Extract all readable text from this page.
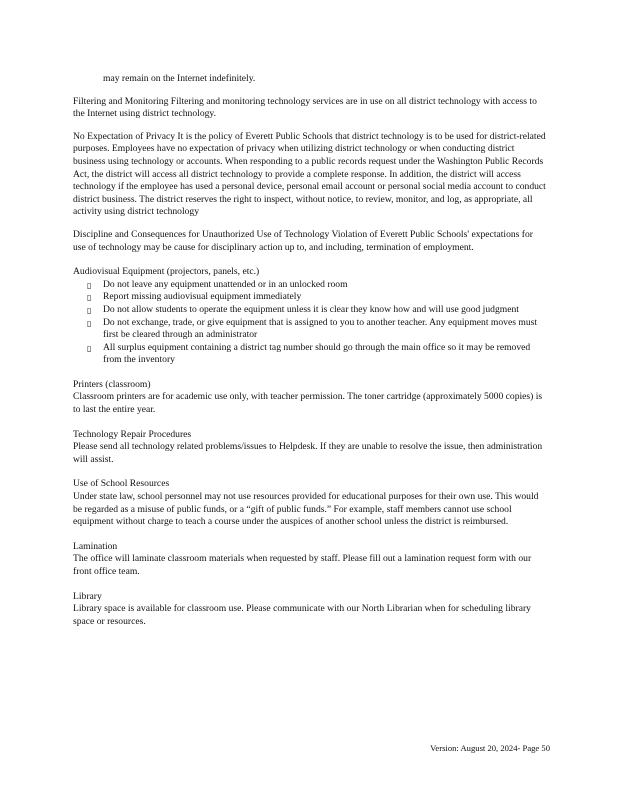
may remain on the Internet indefinitely.

Filtering and Monitoring Filtering and monitoring technology services are in use on all district technology with access to the Internet using district technology.

No Expectation of Privacy It is the policy of Everett Public Schools that district technology is to be used for district-related purposes. Employees have no expectation of privacy when utilizing district technology or when conducting district business using technology or accounts. When responding to a public records request under the Washington Public Records Act, the district will access all district technology to provide a complete response. In addition, the district will access technology if the employee has used a personal device, personal email account or personal social media account to conduct district business. The district reserves the right to inspect, without notice, to review, monitor, and log, as appropriate, all activity using district technology

Discipline and Consequences for Unauthorized Use of Technology Violation of Everett Public Schools' expectations for use of technology may be cause for disciplinary action up to, and including, termination of employment.

Audiovisual Equipment (projectors, panels, etc.)

▯ Do not leave any equipment unattended or in an unlocked room
▯ Report missing audiovisual equipment immediately
▯ Do not allow students to operate the equipment unless it is clear they know how and will use good judgment
▯ Do not exchange, trade, or give equipment that is assigned to you to another teacher. Any equipment moves must first be cleared through an administrator
▯ All surplus equipment containing a district tag number should go through the main office so it may be removed from the inventory

Printers (classroom)

Classroom printers are for academic use only, with teacher permission. The toner cartridge (approximately 5000 copies) is to last the entire year.

Technology Repair Procedures

Please send all technology related problems/issues to Helpdesk. If they are unable to resolve the issue, then administration will assist.

Use of School Resources

Under state law, school personnel may not use resources provided for educational purposes for their own use. This would be regarded as a misuse of public funds, or a “gift of public funds.” For example, staff members cannot use school equipment without charge to teach a course under the auspices of another school unless the district is reimbursed.

Lamination

The office will laminate classroom materials when requested by staff. Please fill out a lamination request form with our front office team.

Library

Library space is available for classroom use. Please communicate with our North Librarian when for scheduling library space or resources.

Version: August 20, 2024- Page 50
